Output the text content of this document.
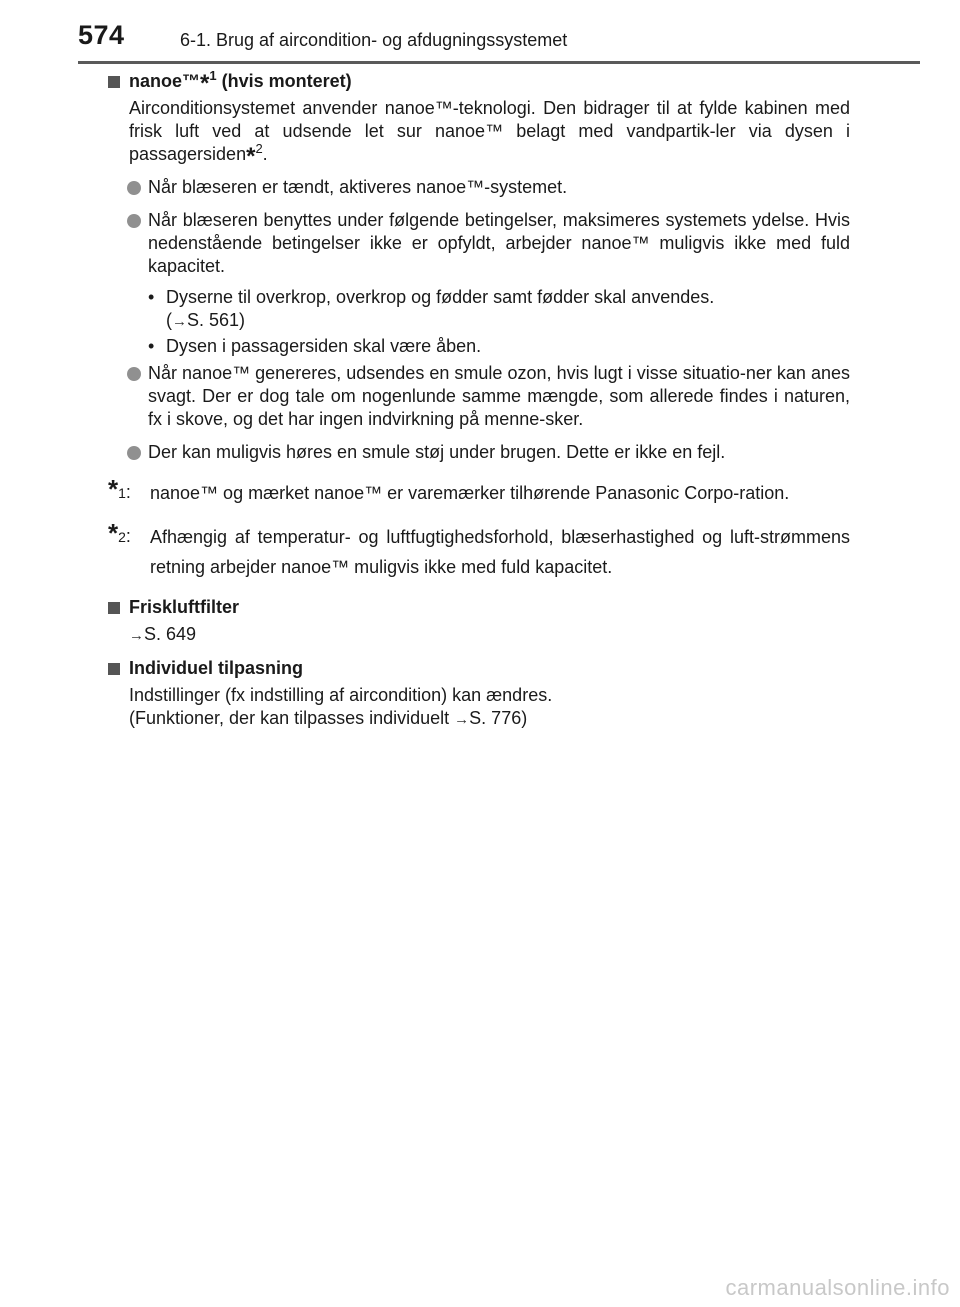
574	6-1. Brug af aircondition- og afdugningssystemet
nanoe™*$^1$ (hvis monteret)
Airconditionsystemet anvender nanoe™-teknologi. Den bidrager til at fylde kabinen med frisk luft ved at udsende let sur nanoe™ belagt med vandpartik-ler via dysen i passagersiden*$^2$.
Når blæseren er tændt, aktiveres nanoe™-systemet.
Når blæseren benyttes under følgende betingelser, maksimeres systemets ydelse. Hvis nedenstående betingelser ikke er opfyldt, arbejder nanoe™ muligvis ikke med fuld kapacitet.
• Dyserne til overkrop, overkrop og fødder samt fødder skal anvendes.
(→S. 561)
• Dysen i passagersiden skal være åben.
Når nanoe™ genereres, udsendes en smule ozon, hvis lugt i visse situatio-ner kan anes svagt. Der er dog tale om nogenlunde samme mængde, som allerede findes i naturen, fx i skove, og det har ingen indvirkning på menne-sker.
Der kan muligvis høres en smule støj under brugen. Dette er ikke en fejl.
*$^1$: nanoe™ og mærket nanoe™ er varemærker tilhørende Panasonic Corpo-ration.
*$^2$: Afhængig af temperatur- og luftfugtighedsforhold, blæserhastighed og luft-strømmens retning arbejder nanoe™ muligvis ikke med fuld kapacitet.
Friskluftfilter
→S. 649
Individuel tilpasning
Indstillinger (fx indstilling af aircondition) kan ændres.
(Funktioner, der kan tilpasses individuelt →S. 776)
carmanualsonline.info
